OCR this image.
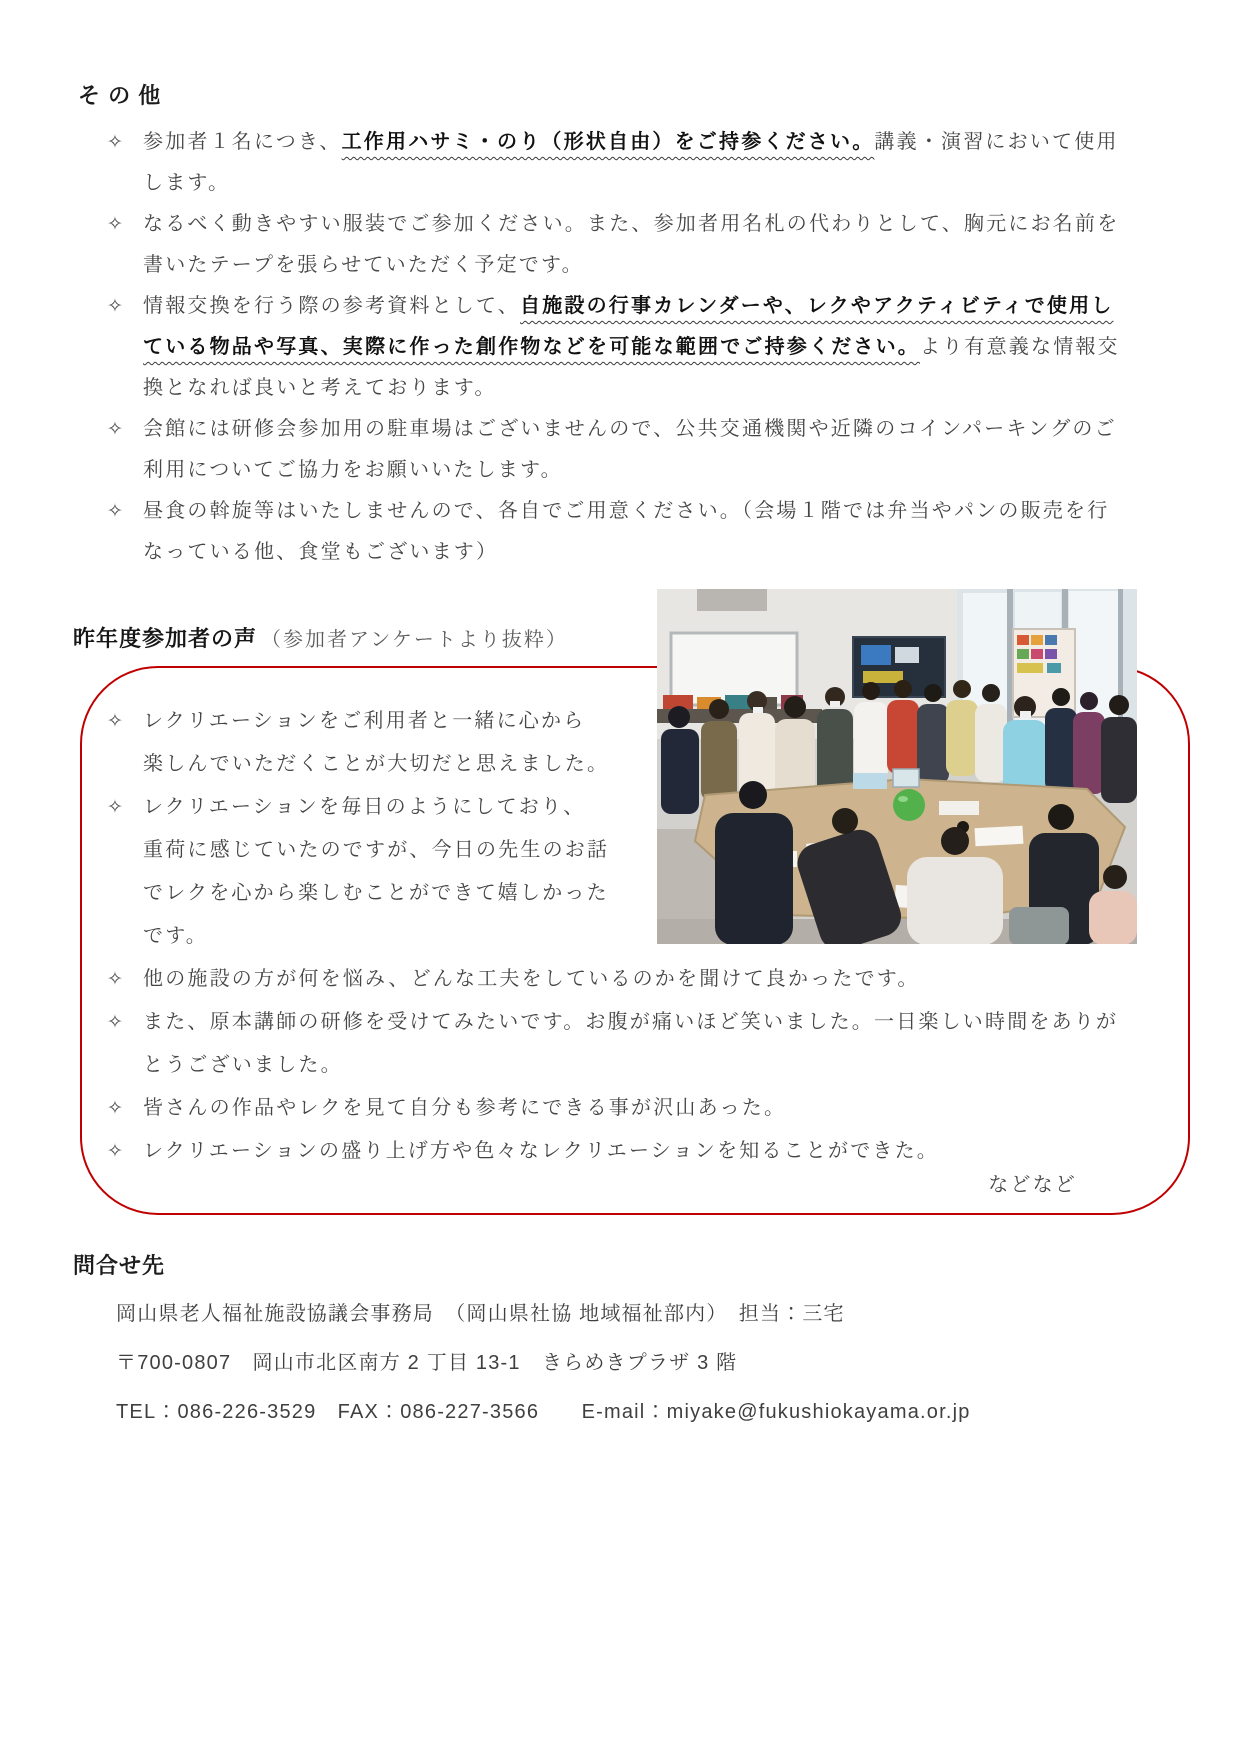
そ の 他
✧	参加者１名につき、工作用ハサミ・のり（形状自由）をご持参ください。講義・演習において使用
します。
✧	なるべく動きやすい服装でご参加ください。また、参加者用名札の代わりとして、胸元にお名前を
書いたテープを張らせていただく予定です。
✧	情報交換を行う際の参考資料として、自施設の行事カレンダーや、レクやアクティビティで使用し
ている物品や写真、実際に作った創作物などを可能な範囲でご持参ください。より有意義な情報交
換となれば良いと考えております。
✧	会館には研修会参加用の駐車場はございませんので、公共交通機関や近隣のコインパーキングのご
利用についてご協力をお願いいたします。
✧	昼食の斡旋等はいたしませんので、各自でご用意ください。（会場１階では弁当やパンの販売を行
なっている他、食堂もございます）
昨年度参加者の声 （参加者アンケートより抜粋）
✧	レクリエーションをご利用者と一緒に心から
楽しんでいただくことが大切だと思えました。
✧	レクリエーションを毎日のようにしており、
重荷に感じていたのですが、今日の先生のお話
でレクを心から楽しむことができて嬉しかった
です。
✧	他の施設の方が何を悩み、どんな工夫をしているのかを聞けて良かったです。
✧	また、原本講師の研修を受けてみたいです。お腹が痛いほど笑いました。一日楽しい時間をありが
とうございました。
✧	皆さんの作品やレクを見て自分も参考にできる事が沢山あった。
✧	レクリエーションの盛り上げ方や色々なレクリエーションを知ることができた。
などなど
問合せ先
岡山県老人福祉施設協議会事務局　（岡山県社協 地域福祉部内）　担当：三宅
〒700-0807　岡山市北区南方 2 丁目 13-1　きらめきプラザ 3 階
TEL：086-226-3529　FAX：086-227-3566　　E-mail：miyake@fukushiokayama.or.jp
